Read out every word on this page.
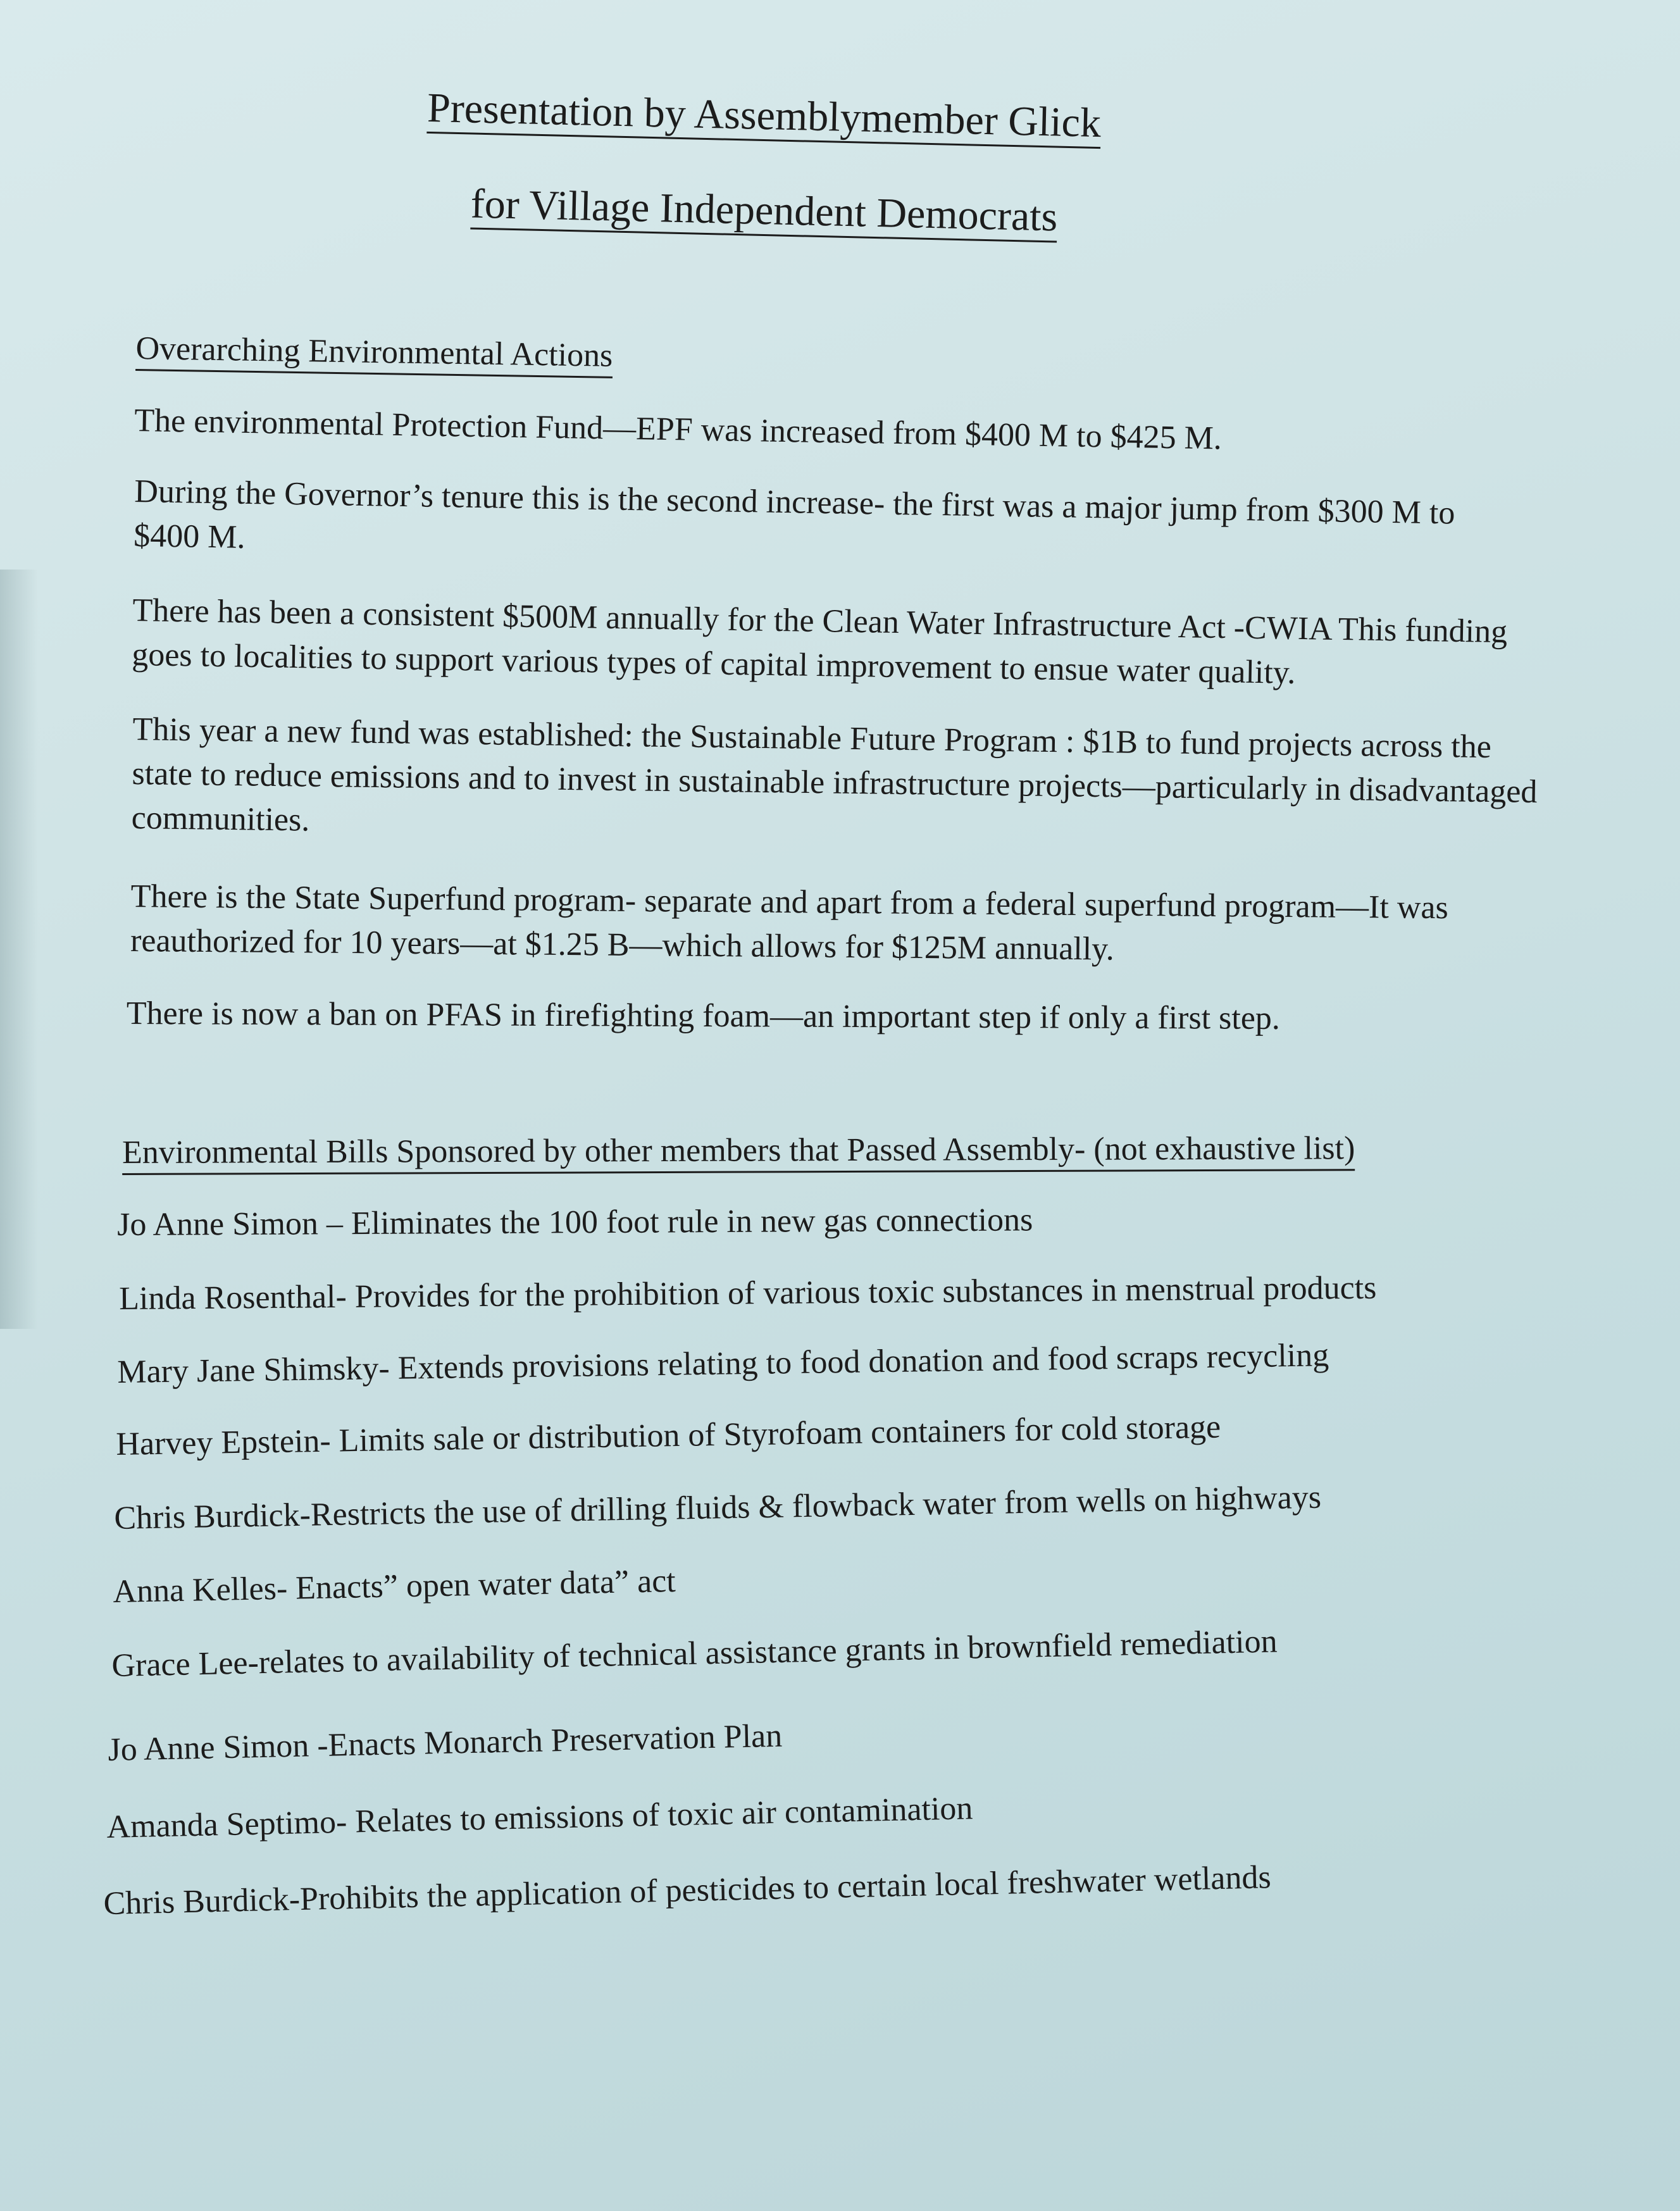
Presentation by Assemblymember Glick
for Village Independent Democrats
Overarching Environmental Actions

The environmental Protection Fund—EPF was increased from $400 M to $425 M.

During the Governor’s tenure this is the second increase- the first was a major jump from $300 M to $400 M.

There has been a consistent $500M annually for the Clean Water Infrastructure Act -CWIA This funding goes to localities to support various types of capital improvement to ensue water quality.

This year a new fund was established: the Sustainable Future Program : $1B to fund projects across the state to reduce emissions and to invest in sustainable infrastructure projects—particularly in disadvantaged communities.

There is the State Superfund program- separate and apart from a federal superfund program—It was reauthorized for 10 years—at $1.25 B—which allows for $125M annually.

There is now a ban on PFAS in firefighting foam—an important step if only a first step.

Environmental Bills Sponsored by other members that Passed Assembly- (not exhaustive list)
Jo Anne Simon – Eliminates the 100 foot rule in new gas connections
Linda Rosenthal- Provides for the prohibition of various toxic substances in menstrual products
Mary Jane Shimsky- Extends provisions relating to food donation and food scraps recycling
Harvey Epstein- Limits sale or distribution of Styrofoam containers for cold storage
Chris Burdick-Restricts the use of drilling fluids & flowback water from wells on highways
Anna Kelles- Enacts” open water data” act
Grace Lee-relates to availability of technical assistance grants in brownfield remediation
Jo Anne Simon -Enacts Monarch Preservation Plan
Amanda Septimo- Relates to emissions of toxic air contamination
Chris Burdick-Prohibits the application of pesticides to certain local freshwater wetlands
